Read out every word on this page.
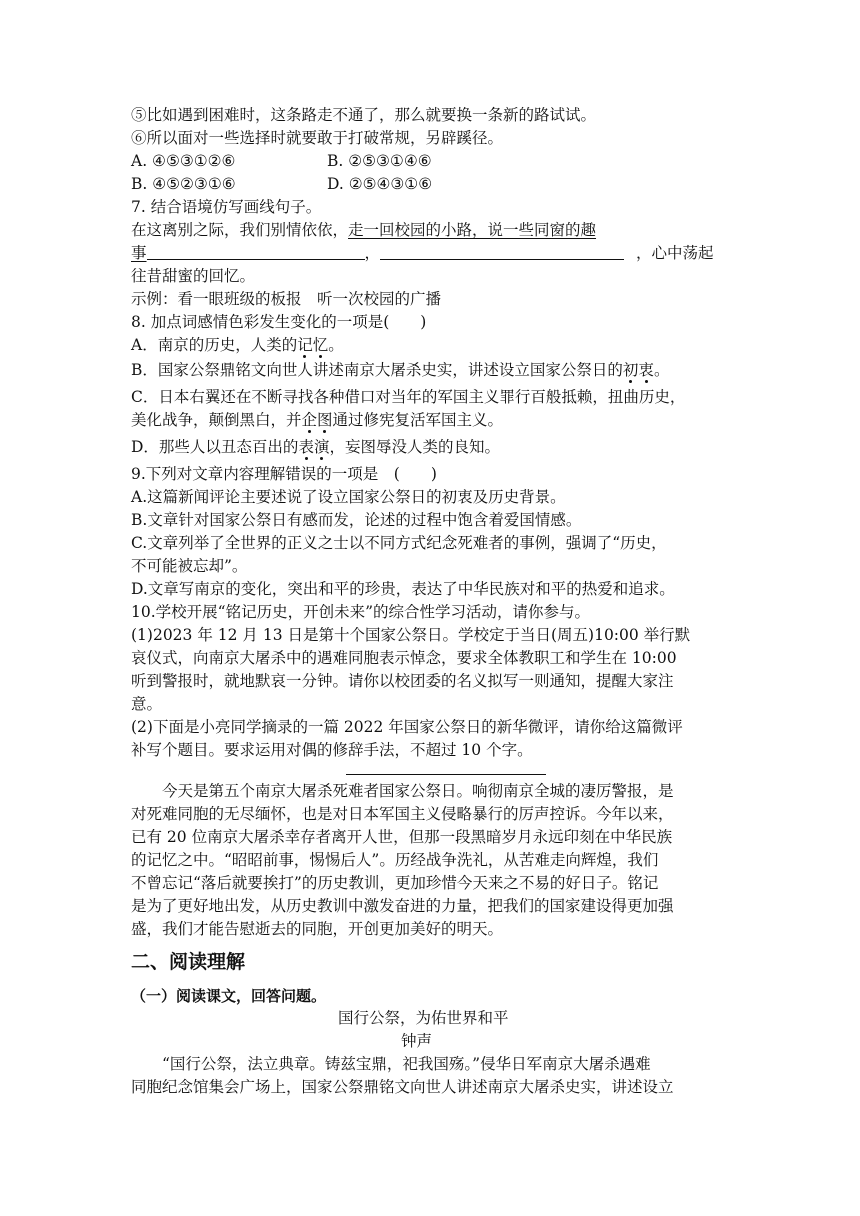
⑤比如遇到困难时，这条路走不通了，那么就要换一条新的路试试。
⑥所以面对一些选择时就要敢于打破常规，另辟蹊径。
A. ④⑤③①②⑥	B. ②⑤③①④⑥
B. ④⑤②③①⑥	D. ②⑤④③①⑥
7. 结合语境仿写画线句子。
在这离别之际，我们别情依依，走一回校园的小路，说一些同窗的趣
事	，	，心中荡起
往昔甜蜜的回忆。
示例：看一眼班级的板报　听一次校园的广播
8. 加点词感情色彩发生变化的一项是(　　)
A．南京的历史，人类的记忆。
B．国家公祭鼎铭文向世人讲述南京大屠杀史实，讲述设立国家公祭日的初衷。
C．日本右翼还在不断寻找各种借口对当年的军国主义罪行百般抵赖，扭曲历史，
美化战争，颠倒黑白，并企图通过修宪复活军国主义。
D．那些人以丑态百出的表演，妄图辱没人类的良知。
9.下列对文章内容理解错误的一项是　(　　)
A.这篇新闻评论主要述说了设立国家公祭日的初衷及历史背景。
B.文章针对国家公祭日有感而发，论述的过程中饱含着爱国情感。
C.文章列举了全世界的正义之士以不同方式纪念死难者的事例，强调了“历史，
不可能被忘却”。
D.文章写南京的变化，突出和平的珍贵，表达了中华民族对和平的热爱和追求。
10.学校开展“铭记历史，开创未来”的综合性学习活动，请你参与。
(1)2023 年 12 月 13 日是第十个国家公祭日。学校定于当日(周五)10:00 举行默
哀仪式，向南京大屠杀中的遇难同胞表示悼念，要求全体教职工和学生在 10:00
听到警报时，就地默哀一分钟。请你以校团委的名义拟写一则通知，提醒大家注
意。
(2)下面是小亮同学摘录的一篇 2022 年国家公祭日的新华微评，请你给这篇微评
补写个题目。要求运用对偶的修辞手法，不超过 10 个字。
　　今天是第五个南京大屠杀死难者国家公祭日。响彻南京全城的凄厉警报，是
对死难同胞的无尽缅怀，也是对日本军国主义侵略暴行的厉声控诉。今年以来，
已有 20 位南京大屠杀幸存者离开人世，但那一段黑暗岁月永远印刻在中华民族
的记忆之中。“昭昭前事，惕惕后人”。历经战争洗礼，从苦难走向辉煌，我们
不曾忘记“落后就要挨打”的历史教训，更加珍惜今天来之不易的好日子。铭记
是为了更好地出发，从历史教训中激发奋进的力量，把我们的国家建设得更加强
盛，我们才能告慰逝去的同胞，开创更加美好的明天。
二、阅读理解
（一）阅读课文，回答问题。
国行公祭，为佑世界和平
钟声
　　“国行公祭，法立典章。铸兹宝鼎，祀我国殇。”侵华日军南京大屠杀遇难
同胞纪念馆集会广场上，国家公祭鼎铭文向世人讲述南京大屠杀史实，讲述设立
